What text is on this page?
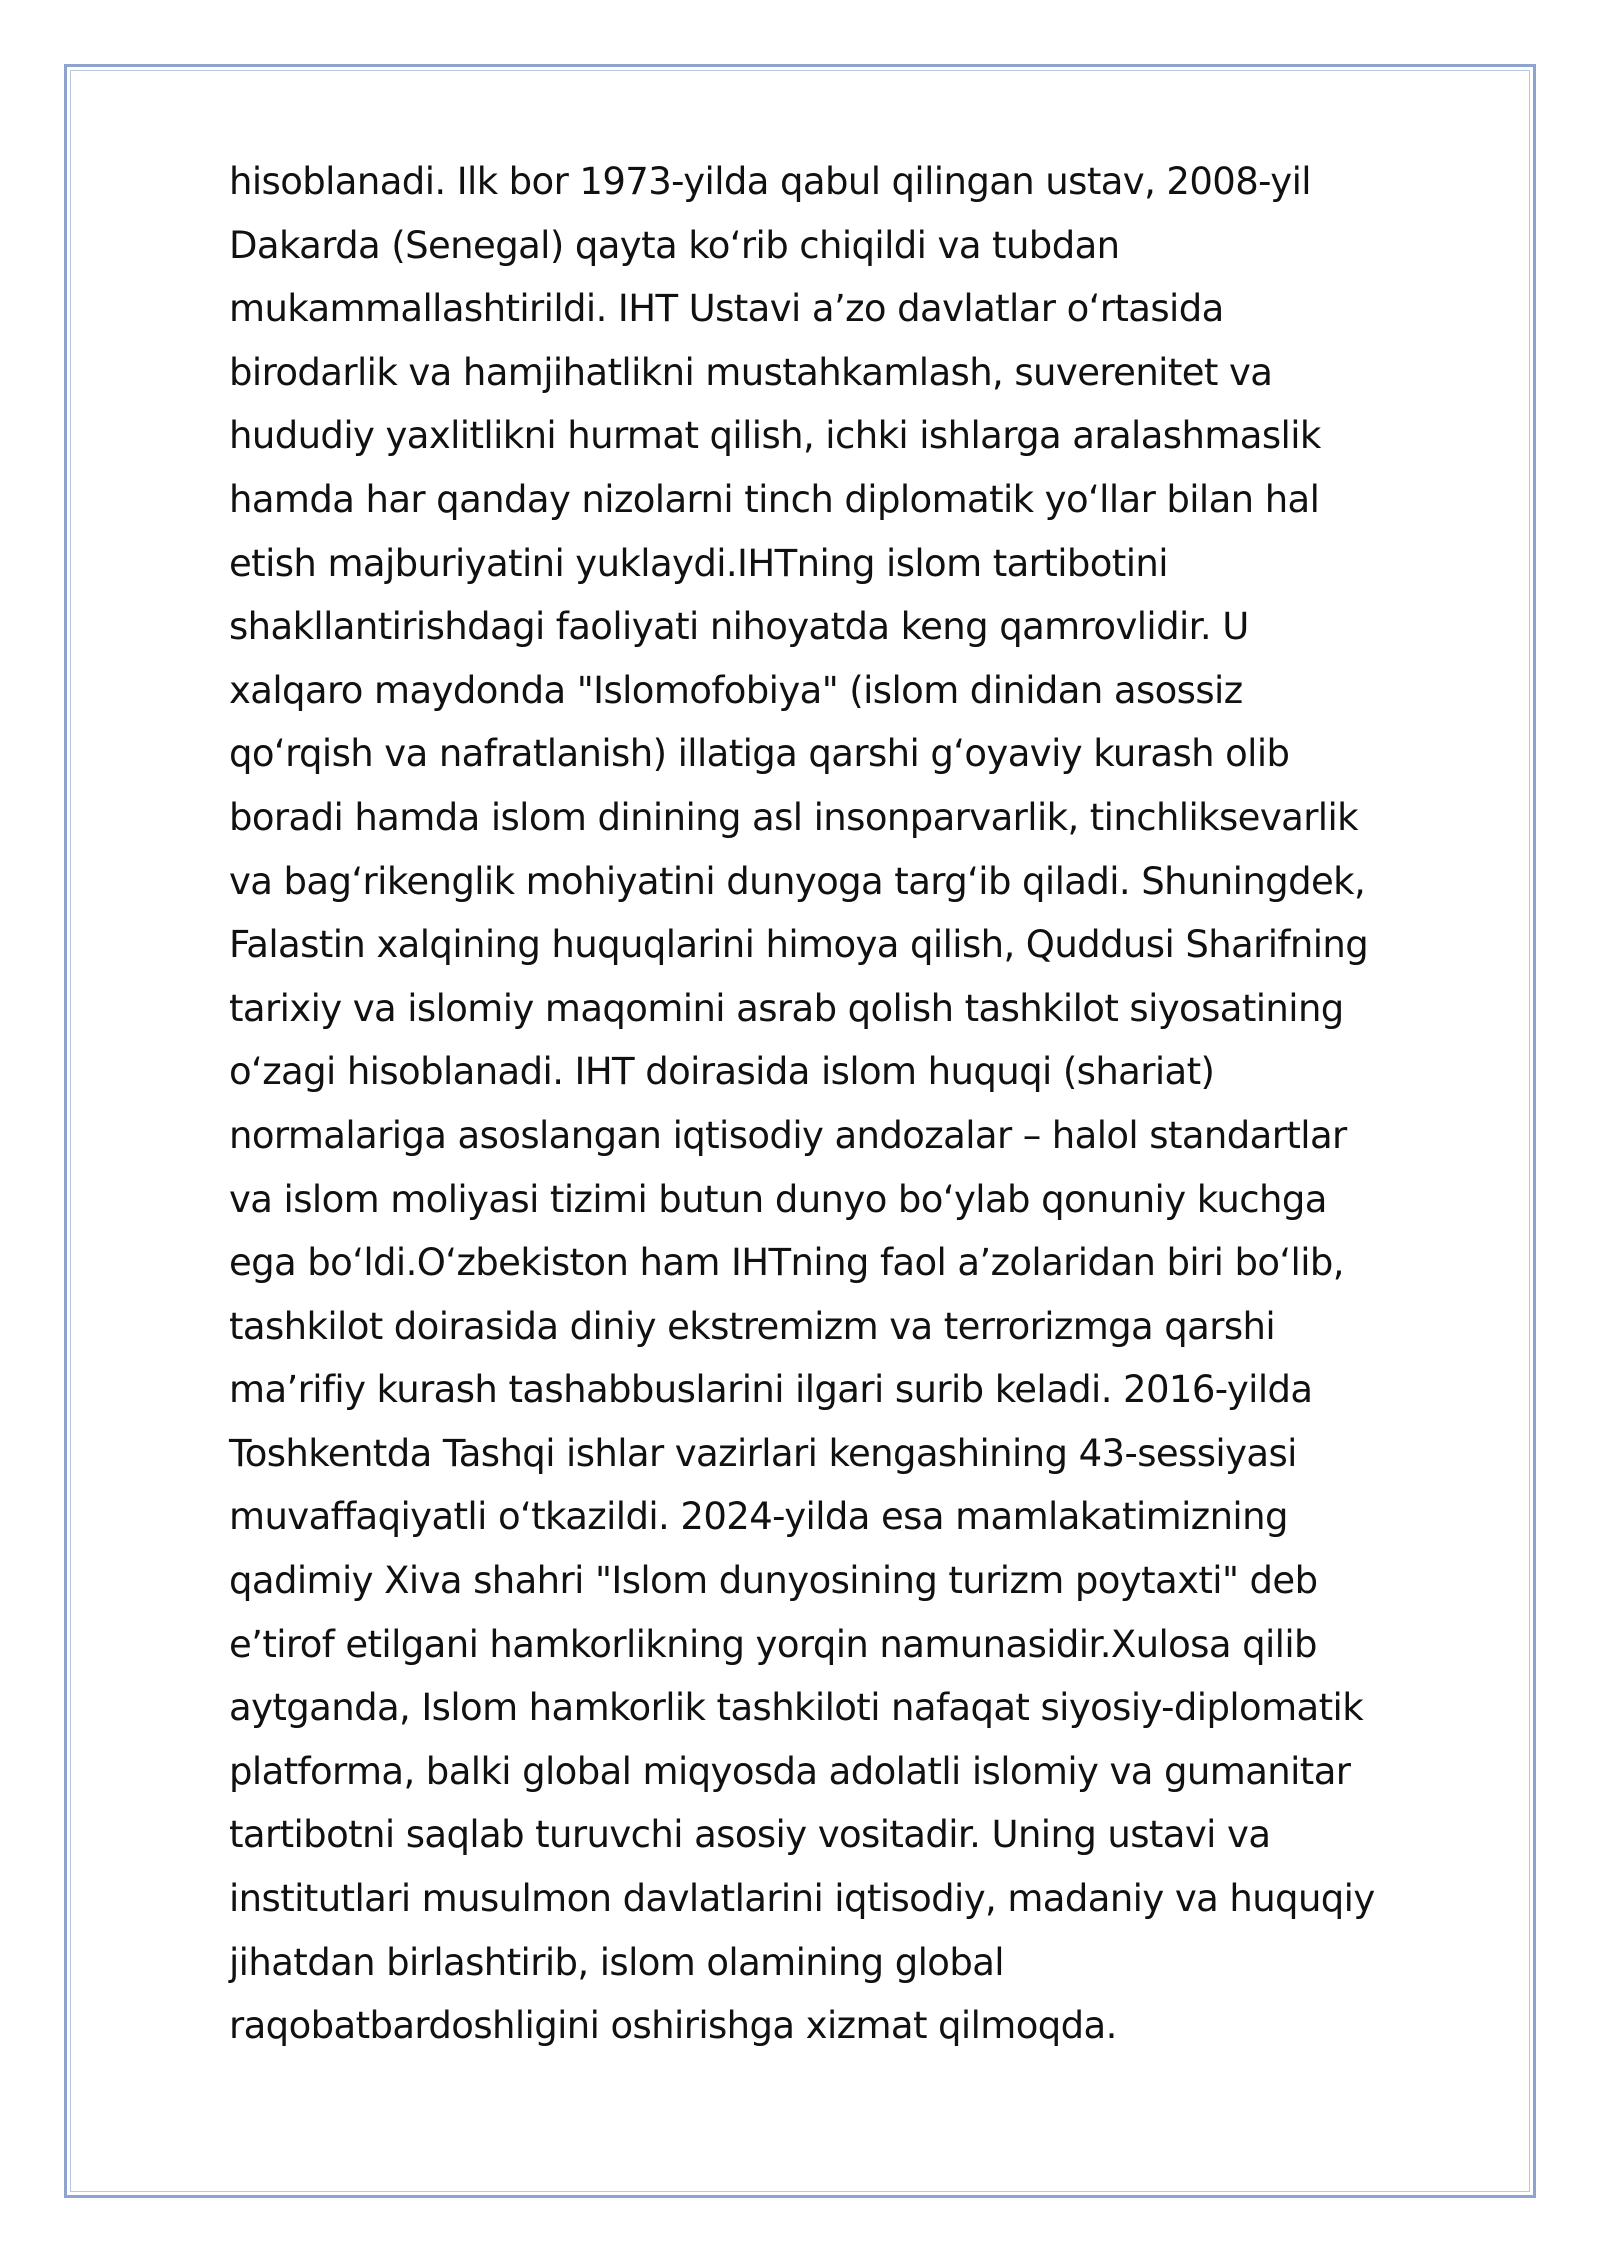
hisoblanadi. Ilk bor 1973-yilda qabul qilingan ustav, 2008-yil
Dakarda (Senegal) qayta koʻrib chiqildi va tubdan
mukammallashtirildi. IHT Ustavi a’zo davlatlar oʻrtasida
birodarlik va hamjihatlikni mustahkamlash, suverenitet va
hududiy yaxlitlikni hurmat qilish, ichki ishlarga aralashmaslik
hamda har qanday nizolarni tinch diplomatik yoʻllar bilan hal
etish majburiyatini yuklaydi.IHTning islom tartibotini
shakllantirishdagi faoliyati nihoyatda keng qamrovlidir. U
xalqaro maydonda "Islomofobiya" (islom dinidan asossiz
qoʻrqish va nafratlanish) illatiga qarshi gʻoyaviy kurash olib
boradi hamda islom dinining asl insonparvarlik, tinchliksevarlik
va bagʻrikenglik mohiyatini dunyoga targʻib qiladi. Shuningdek,
Falastin xalqining huquqlarini himoya qilish, Quddusi Sharifning
tarixiy va islomiy maqomini asrab qolish tashkilot siyosatining
oʻzagi hisoblanadi. IHT doirasida islom huquqi (shariat)
normalariga asoslangan iqtisodiy andozalar – halol standartlar
va islom moliyasi tizimi butun dunyo boʻylab qonuniy kuchga
ega boʻldi.Oʻzbekiston ham IHTning faol a’zolaridan biri boʻlib,
tashkilot doirasida diniy ekstremizm va terrorizmga qarshi
ma’rifiy kurash tashabbuslarini ilgari surib keladi. 2016-yilda
Toshkentda Tashqi ishlar vazirlari kengashining 43-sessiyasi
muvaffaqiyatli oʻtkazildi. 2024-yilda esa mamlakatimizning
qadimiy Xiva shahri "Islom dunyosining turizm poytaxti" deb
e’tirof etilgani hamkorlikning yorqin namunasidir.Xulosa qilib
aytganda, Islom hamkorlik tashkiloti nafaqat siyosiy-diplomatik
platforma, balki global miqyosda adolatli islomiy va gumanitar
tartibotni saqlab turuvchi asosiy vositadir. Uning ustavi va
institutlari musulmon davlatlarini iqtisodiy, madaniy va huquqiy
jihatdan birlashtirib, islom olamining global
raqobatbardoshligini oshirishga xizmat qilmoqda.
